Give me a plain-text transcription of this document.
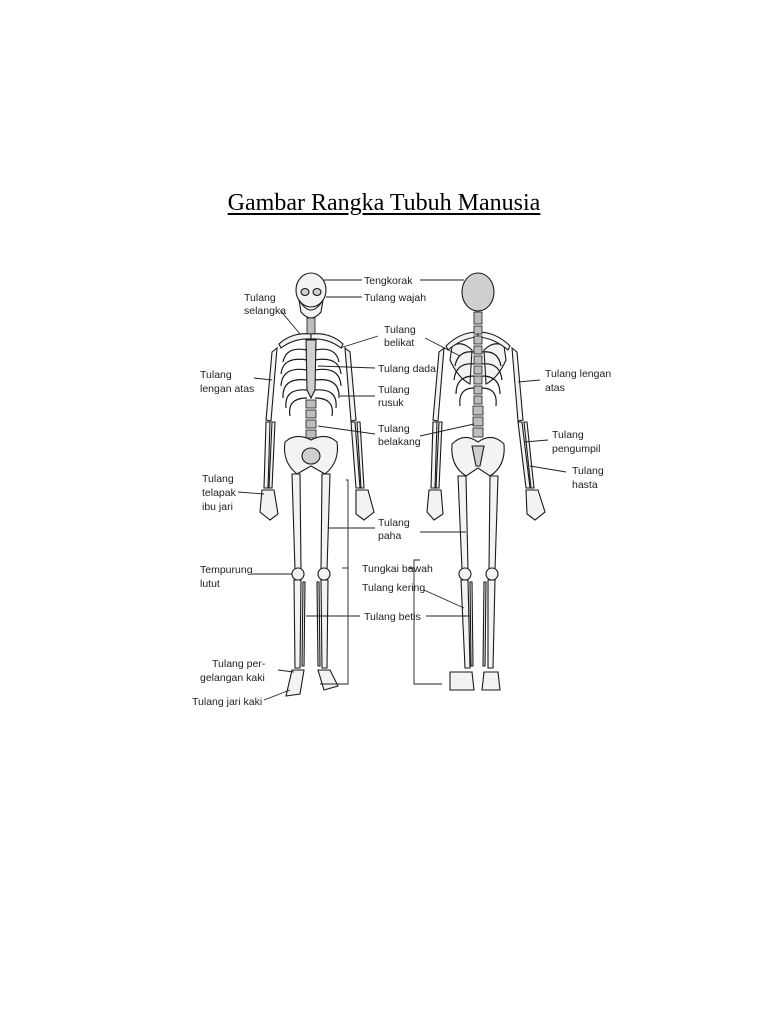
Gambar Rangka Tubuh Manusia
Tengkorak
Tulang wajah
Tulang selangka
Tulang belikat
Tulang dada
Tulang lengan atas	Tulang rusuk
Tulang lengan atas
Tulang belakang
Tulang pengumpil
Tulang hasta
Tulang telapak ibu jari
Tulang paha
Tungkai bawah
Tempurung lutut	Tulang kering
Tulang betis
Tulang per- gelangan kaki
Tulang jari kaki
